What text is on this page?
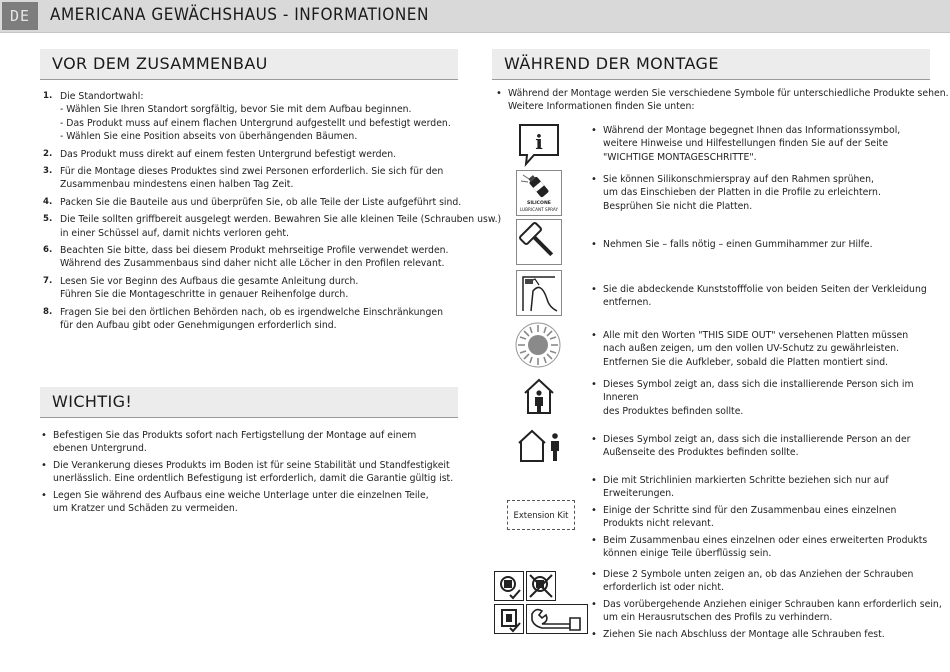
DE	AMERICANA GEWÄCHSHAUS - INFORMATIONEN
VOR DEM ZUSAMMENBAU
1. Die Standortwahl:
- Wählen Sie Ihren Standort sorgfältig, bevor Sie mit dem Aufbau beginnen.
- Das Produkt muss auf einem flachen Untergrund aufgestellt und befestigt werden.
- Wählen Sie eine Position abseits von überhängenden Bäumen.
2. Das Produkt muss direkt auf einem festen Untergrund befestigt werden.
3. Für die Montage dieses Produktes sind zwei Personen erforderlich. Sie sich für den
Zusammenbau mindestens einen halben Tag Zeit.
4. Packen Sie die Bauteile aus und überprüfen Sie, ob alle Teile der Liste aufgeführt sind.
5. Die Teile sollten griffbereit ausgelegt werden. Bewahren Sie alle kleinen Teile (Schrauben usw.)
in einer Schüssel auf, damit nichts verloren geht.
6. Beachten Sie bitte, dass bei diesem Produkt mehrseitige Profile verwendet werden.
Während des Zusammenbaus sind daher nicht alle Löcher in den Profilen relevant.
7. Lesen Sie vor Beginn des Aufbaus die gesamte Anleitung durch.
Führen Sie die Montageschritte in genauer Reihenfolge durch.
8. Fragen Sie bei den örtlichen Behörden nach, ob es irgendwelche Einschränkungen
für den Aufbau gibt oder Genehmigungen erforderlich sind.
WICHTIG!
• Befestigen Sie das Produkts sofort nach Fertigstellung der Montage auf einem
ebenen Untergrund.
• Die Verankerung dieses Produkts im Boden ist für seine Stabilität und Standfestigkeit
unerlässlich. Eine ordentlich Befestigung ist erforderlich, damit die Garantie gültig ist.
• Legen Sie während des Aufbaus eine weiche Unterlage unter die einzelnen Teile,
um Kratzer und Schäden zu vermeiden.
WÄHREND DER MONTAGE
• Während der Montage werden Sie verschiedene Symbole für unterschiedliche Produkte sehen.
Weitere Informationen finden Sie unten:
i
•	Während der Montage begegnet Ihnen das Informationssymbol,
weitere Hinweise und Hilfestellungen finden Sie auf der Seite
"WICHTIGE MONTAGESCHRITTE".
SILICONE
LUBRICANT SPRAY
• Sie können Silikonschmierspray auf den Rahmen sprühen,
um das Einschieben der Platten in die Profile zu erleichtern.
Besprühen Sie nicht die Platten.
• Nehmen Sie – falls nötig – einen Gummihammer zur Hilfe.
• Sie die abdeckende Kunststofffolie von beiden Seiten der Verkleidung
entfernen.
• Alle mit den Worten "THIS SIDE OUT" versehenen Platten müssen
nach außen zeigen, um den vollen UV-Schutz zu gewährleisten.
Entfernen Sie die Aufkleber, sobald die Platten montiert sind.
• Dieses Symbol zeigt an, dass sich die installierende Person sich im
Inneren
des Produktes befinden sollte.
• Dieses Symbol zeigt an, dass sich die installierende Person an der
Außenseite des Produktes befinden sollte.
Extension Kit
• Die mit Strichlinien markierten Schritte beziehen sich nur auf
Erweiterungen.
• Einige der Schritte sind für den Zusammenbau eines einzelnen
Produkts nicht relevant.
• Beim Zusammenbau eines einzelnen oder eines erweiterten Produkts
können einige Teile überflüssig sein.
• Diese 2 Symbole unten zeigen an, ob das Anziehen der Schrauben
erforderlich ist oder nicht.
• Das vorübergehende Anziehen einiger Schrauben kann erforderlich sein,
um ein Herausrutschen des Profils zu verhindern.
• Ziehen Sie nach Abschluss der Montage alle Schrauben fest.
